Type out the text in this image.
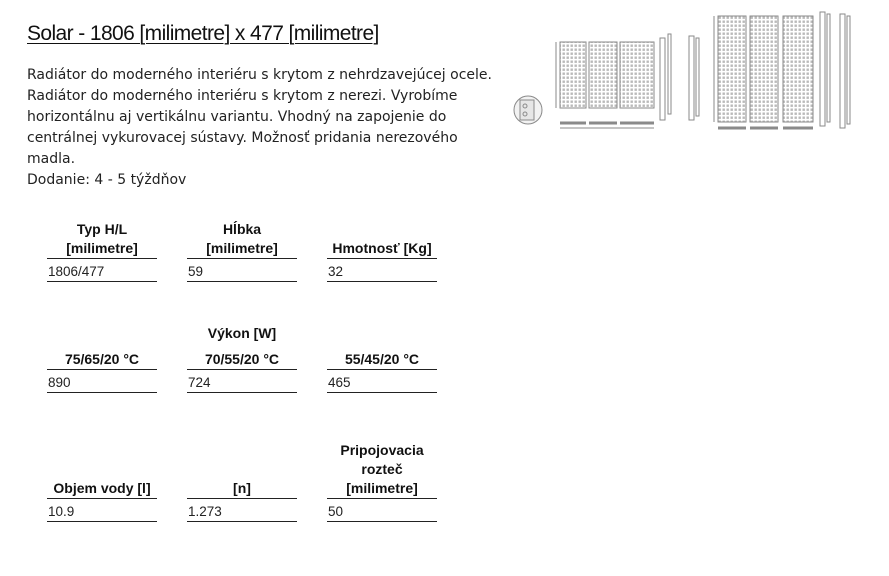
Solar - 1806 [milimetre] x 477 [milimetre]

Radiátor do moderného interiéru s krytom z nehrdzavejúcej ocele.

Radiátor do moderného interiéru s krytom z nerezi. Vyrobíme horizontálnu aj vertikálnu variantu. Vhodný na zapojenie do centrálnej vykurovacej sústavy. Možnosť pridania nerezového madla.

Dodanie: 4 - 5 týždňov

Typ H/L [milimetre]
1806/477
Hĺbka [milimetre]
59
Hmotnosť [Kg]
32
Výkon [W]
75/65/20 °C
890
70/55/20 °C
724
55/45/20 °C
465
Objem vody [l]
10.9
[n]
1.273
Pripojovacia rozteč [milimetre]
50
